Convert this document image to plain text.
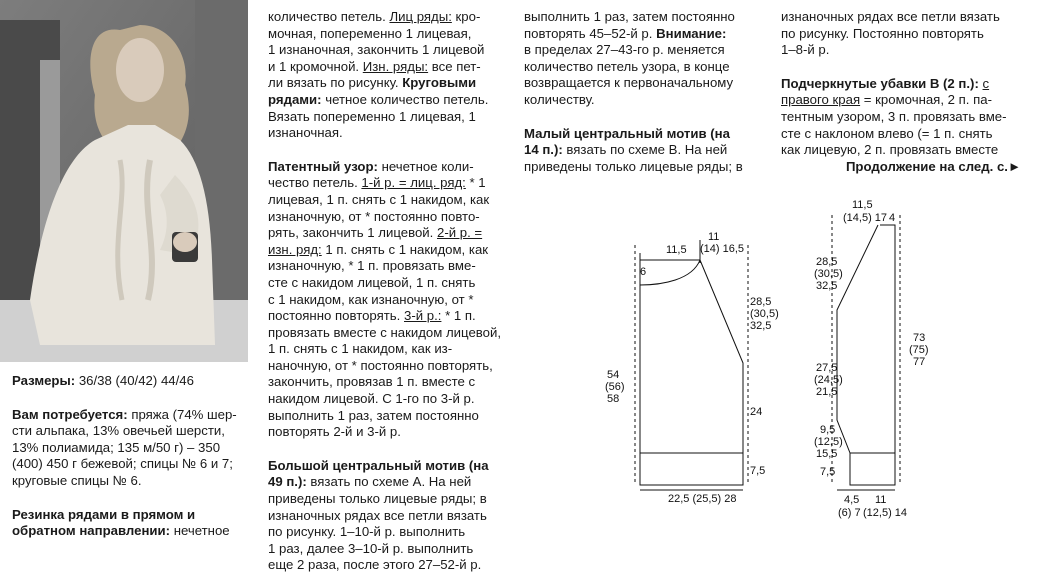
Размеры: 36/38 (40/42) 44/46

Вам потребуется: пряжа (74% шер-

сти альпака, 13% овечьей шерсти,

13% полиамида; 135 м/50 г) – 350

(400) 450 г бежевой; спицы № 6 и 7;

круговые спицы № 6.

Резинка рядами в прямом и

обратном направлении: нечетное

количество петель. Лиц ряды: кро-

мочная, попеременно 1 лицевая,

1 изнаночная, закончить 1 лицевой

и 1 кромочной. Изн. ряды: все пет-

ли вязать по рисунку. Круговыми

рядами: четное количество петель.

Вязать попеременно 1 лицевая, 1

изнаночная.

Патентный узор: нечетное коли-

чество петель. 1-й р. = лиц. ряд: * 1

лицевая, 1 п. снять с 1 накидом, как

изнаночную, от * постоянно повто-

рять, закончить 1 лицевой. 2-й р. =

изн. ряд: 1 п. снять с 1 накидом, как

изнаночную, * 1 п. провязать вме-

сте с накидом лицевой, 1 п. снять

с 1 накидом, как изнаночную, от *

постоянно повторять. 3-й р.: * 1 п.

провязать вместе с накидом лицевой,

1 п. снять с 1 накидом, как из-

наночную, от * постоянно повторять,

закончить, провязав 1 п. вместе с

накидом лицевой. С 1-го по 3-й р.

выполнить 1 раз, затем постоянно

повторять 2-й и 3-й р.

Большой центральный мотив (на

49 п.): вязать по схеме А. На ней

приведены только лицевые ряды; в

изнаночных рядах все петли вязать

по рисунку. 1–10-й р. выполнить

1 раз, далее 3–10-й р. выполнить

еще 2 раза, после этого 27–52-й р.

выполнить 1 раз, затем постоянно

повторять 45–52-й р. Внимание:

в пределах 27–43-го р. меняется

количество петель узора, в конце

возвращается к первоначальному

количеству.

Малый центральный мотив (на

14 п.): вязать по схеме В. На ней

приведены только лицевые ряды; в

изнаночных рядах все петли вязать

по рисунку. Постоянно повторять

1–8-й р.

Подчеркнутые убавки В (2 п.): с

правого края = кромочная, 2 п. па-

тентным узором, 3 п. провязать вме-

сте с наклоном влево (= 1 п. снять

как лицевую, 2 п. провязать вместе

Продолжение на след. с.►

11,5
11
(14) 16,5
6
28,5
(30,5)
32,5
54
(56)
58
24
7,5
22,5 (25,5) 28
11,5
(14,5) 17 4
28,5
(30,5)
32,5
27,5
(24,5)
21,5
9,5
(12,5)
15,5
7,5
73
(75)
77
4,5
(6) 7
11
(12,5) 14
